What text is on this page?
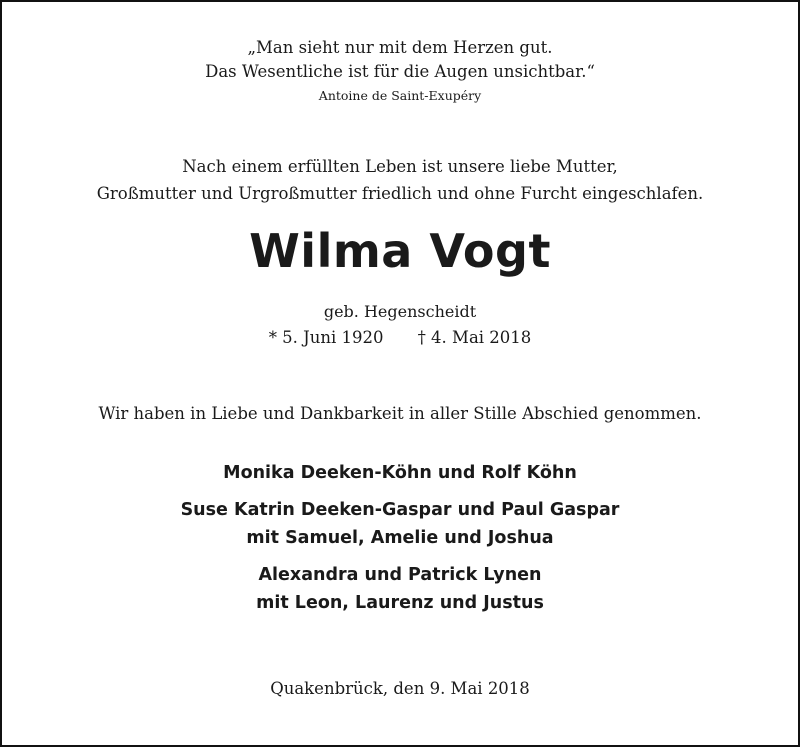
„Man sieht nur mit dem Herzen gut.
Das Wesentliche ist für die Augen unsichtbar.“
Antoine de Saint-Exupéry
Nach einem erfüllten Leben ist unsere liebe Mutter,
Großmutter und Urgroßmutter friedlich und ohne Furcht eingeschlafen.
Wilma Vogt
geb. Hegenscheidt
* 5. Juni 1920 † 4. Mai 2018
Wir haben in Liebe und Dankbarkeit in aller Stille Abschied genommen.
Monika Deeken-Köhn und Rolf Köhn
Suse Katrin Deeken-Gaspar und Paul Gaspar
mit Samuel, Amelie und Joshua
Alexandra und Patrick Lynen
mit Leon, Laurenz und Justus
Quakenbrück, den 9. Mai 2018
